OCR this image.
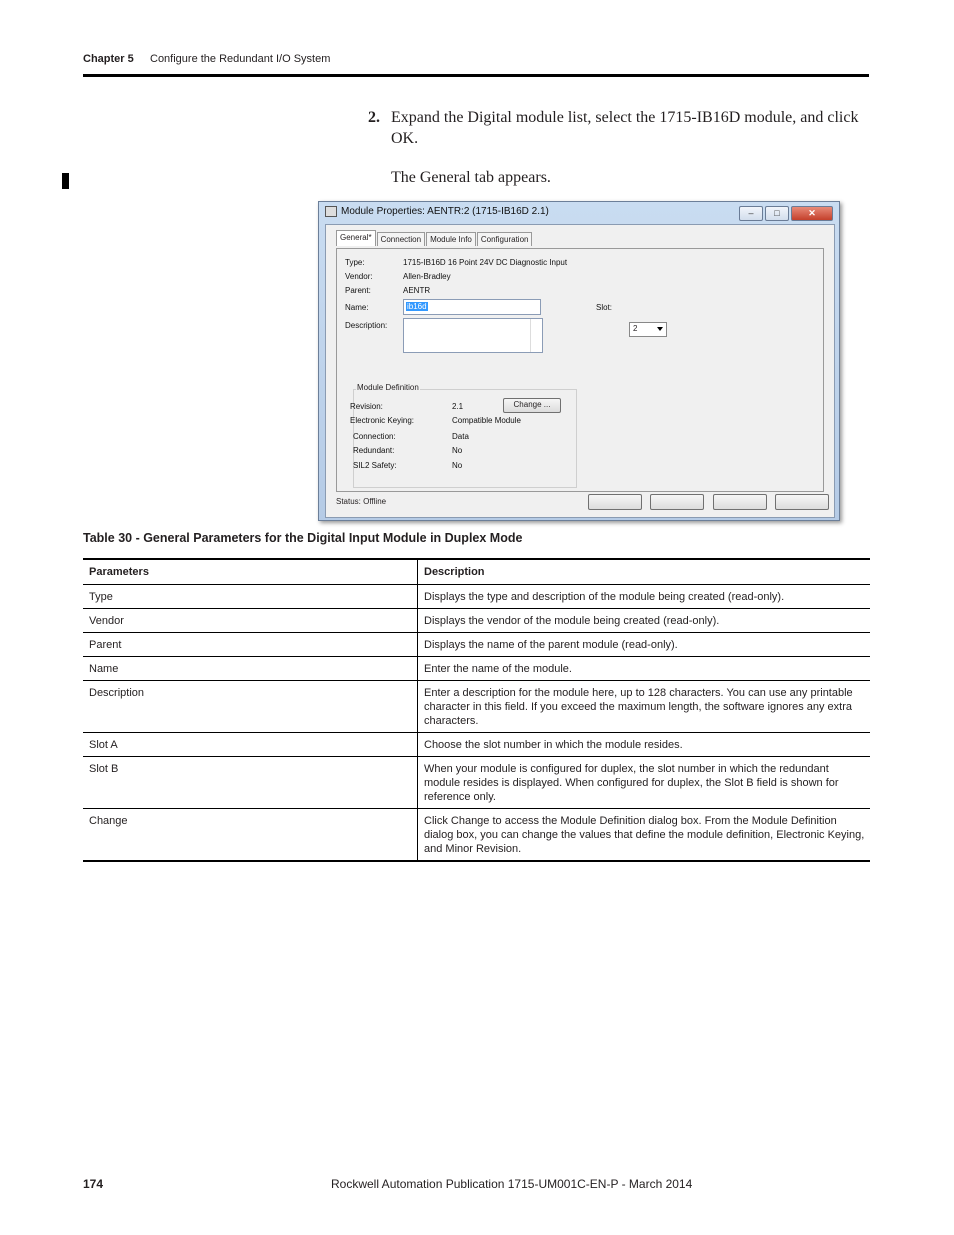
Chapter 5 Configure the Redundant I/O System
2. Expand the Digital module list, select the 1715-IB16D module, and click OK.
The General tab appears.
Module Properties: AENTR:2 (1715-IB16D 2.1)	–	□	✕
General*	Connection	Module Info	Configuration
Type:	1715-IB16D 16 Point 24V DC Diagnostic Input
Vendor:	Allen-Bradley
Parent:	AENTR
Name:	ib16d	Slot:
2
Description:
Module Definition
Revision:	2.1	Change ...
Electronic Keying:	Compatible Module
Connection:	Data
Redundant:	No
SIL2 Safety:	No
Status: Offline
Table 30 - General Parameters for the Digital Input Module in Duplex Mode
Parameters	Description
Type	Displays the type and description of the module being created (read-only).
Vendor	Displays the vendor of the module being created (read-only).
Parent	Displays the name of the parent module (read-only).
Name	Enter the name of the module.
Description	Enter a description for the module here, up to 128 characters. You can use any printable character in this field. If you exceed the maximum length, the software ignores any extra characters.
Slot A	Choose the slot number in which the module resides.
Slot B	When your module is configured for duplex, the slot number in which the redundant module resides is displayed. When configured for duplex, the Slot B field is shown for reference only.
Change	Click Change to access the Module Definition dialog box. From the Module Definition dialog box, you can change the values that define the module definition, Electronic Keying, and Minor Revision.
174	Rockwell Automation Publication 1715-UM001C-EN-P - March 2014
